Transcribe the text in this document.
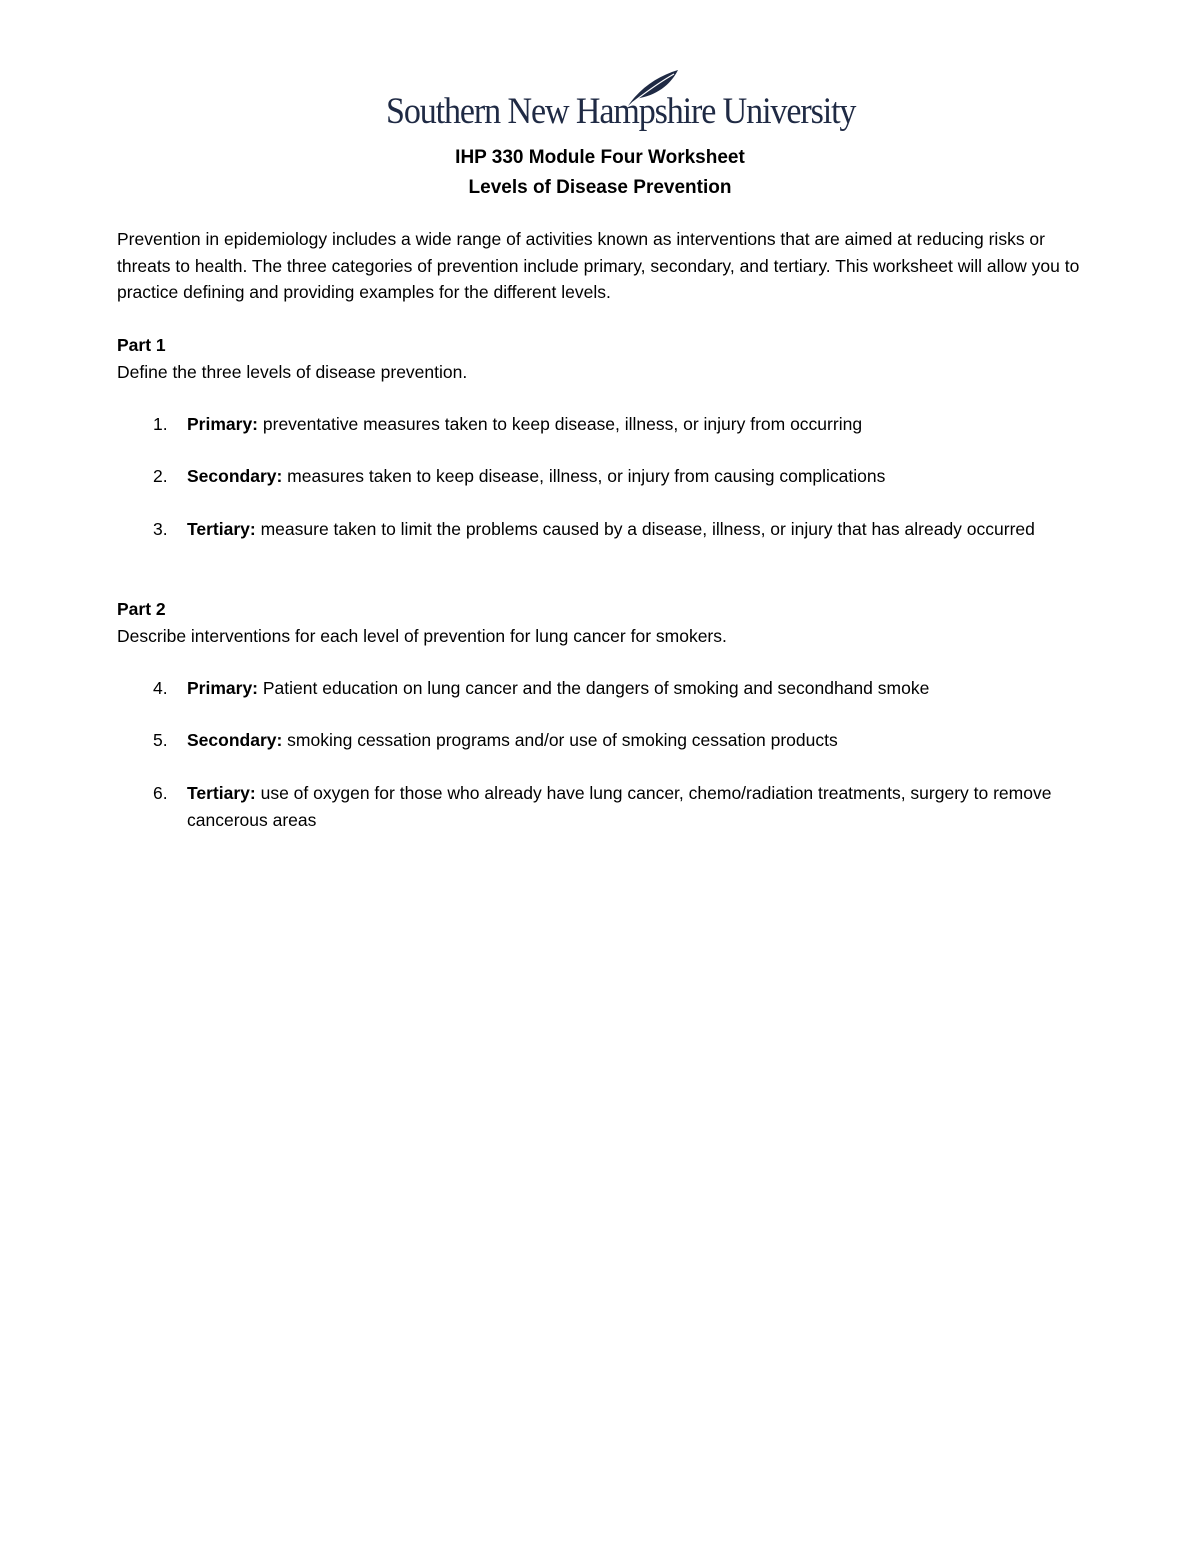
Southern New Hampshire University
IHP 330 Module Four Worksheet
Levels of Disease Prevention
Prevention in epidemiology includes a wide range of activities known as interventions that are aimed at reducing risks or threats to health. The three categories of prevention include primary, secondary, and tertiary. This worksheet will allow you to practice defining and providing examples for the different levels.
Part 1
Define the three levels of disease prevention.
1. Primary: preventative measures taken to keep disease, illness, or injury from occurring
2. Secondary: measures taken to keep disease, illness, or injury from causing complications
3. Tertiary: measure taken to limit the problems caused by a disease, illness, or injury that has already occurred
Part 2
Describe interventions for each level of prevention for lung cancer for smokers.
4. Primary: Patient education on lung cancer and the dangers of smoking and secondhand smoke
5. Secondary: smoking cessation programs and/or use of smoking cessation products
6. Tertiary: use of oxygen for those who already have lung cancer, chemo/radiation treatments, surgery to remove cancerous areas
